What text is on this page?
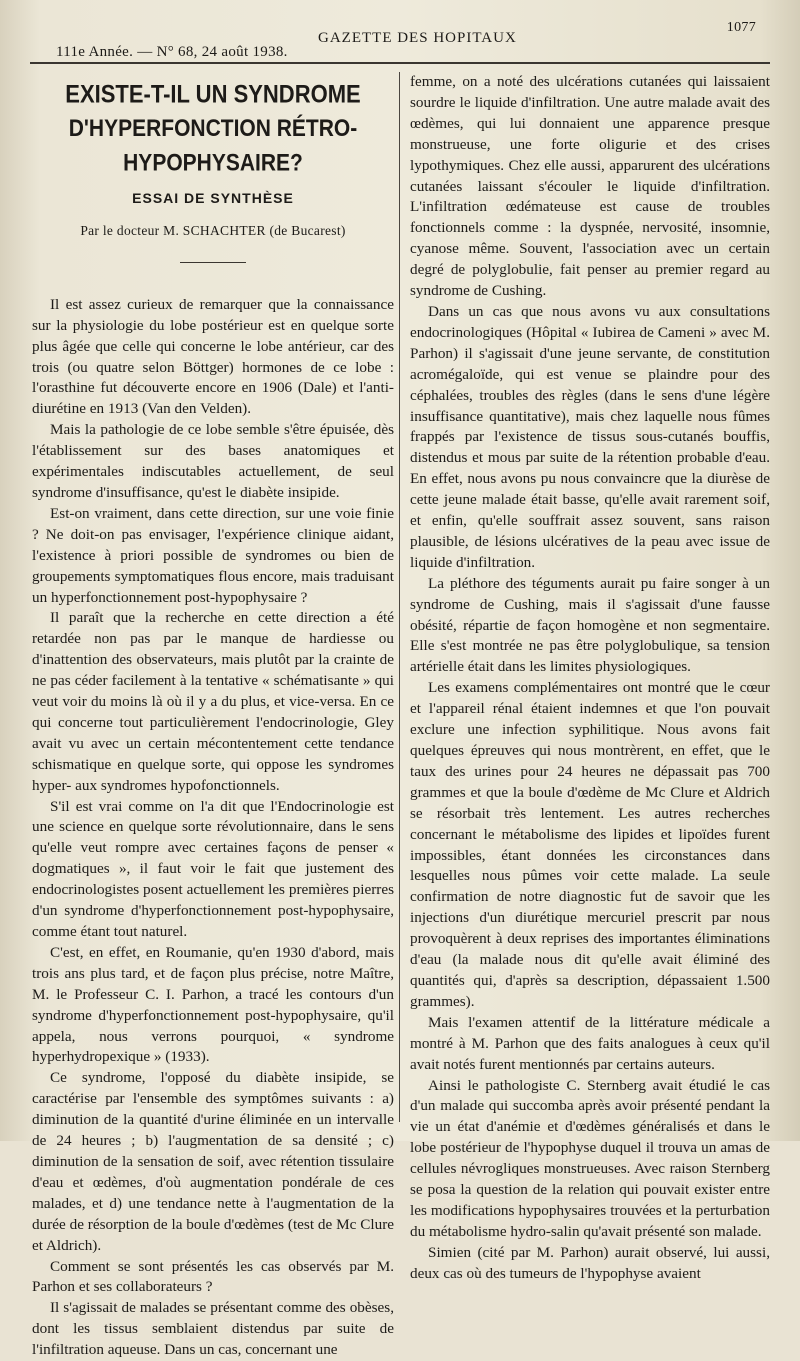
111e Année. — N° 68, 24 août 1938.
GAZETTE DES HOPITAUX
1077
EXISTE-T-IL UN SYNDROME
D'HYPERFONCTION RÉTRO-HYPOPHYSAIRE?
ESSAI DE SYNTHÈSE
Par le docteur M. SCHACHTER (de Bucarest)

Il est assez curieux de remarquer que la connaissance sur la physiologie du lobe postérieur est en quelque sorte plus âgée que celle qui concerne le lobe antérieur, car des trois (ou quatre selon Böttger) hormones de ce lobe : l'orasthine fut découverte encore en 1906 (Dale) et l'anti-diurétine en 1913 (Van den Velden).

Mais la pathologie de ce lobe semble s'être épuisée, dès l'établissement sur des bases anatomiques et expérimentales indiscutables actuellement, de seul syndrome d'insuffisance, qu'est le diabète insipide.

Est-on vraiment, dans cette direction, sur une voie finie ? Ne doit-on pas envisager, l'expérience clinique aidant, l'existence à priori possible de syndromes ou bien de groupements symptomatiques flous encore, mais traduisant un hyperfonctionnement post-hypophysaire ?

Il paraît que la recherche en cette direction a été retardée non pas par le manque de hardiesse ou d'inattention des observateurs, mais plutôt par la crainte de ne pas céder facilement à la tentative « schématisante » qui veut voir du moins là où il y a du plus, et vice-versa. En ce qui concerne tout particulièrement l'endocrinologie, Gley avait vu avec un certain mécontentement cette tendance schismatique en quelque sorte, qui oppose les syndromes hyper- aux syndromes hypofonctionnels.

S'il est vrai comme on l'a dit que l'Endocrinologie est une science en quelque sorte révolutionnaire, dans le sens qu'elle veut rompre avec certaines façons de penser « dogmatiques », il faut voir le fait que justement des endocrinologistes posent actuellement les premières pierres d'un syndrome d'hyperfonctionnement post-hypophysaire, comme étant tout naturel.

C'est, en effet, en Roumanie, qu'en 1930 d'abord, mais trois ans plus tard, et de façon plus précise, notre Maître, M. le Professeur C. I. Parhon, a tracé les contours d'un syndrome d'hyperfonctionnement post-hypophysaire, qu'il appela, nous verrons pourquoi, « syndrome hyperhydropexique » (1933).

Ce syndrome, l'opposé du diabète insipide, se caractérise par l'ensemble des symptômes suivants : a) diminution de la quantité d'urine éliminée en un intervalle de 24 heures ; b) l'augmentation de sa densité ; c) diminution de la sensation de soif, avec rétention tissulaire d'eau et œdèmes, d'où augmentation pondérale de ces malades, et d) une tendance nette à l'augmentation de la durée de résorption de la boule d'œdèmes (test de Mc Clure et Aldrich).

Comment se sont présentés les cas observés par M. Parhon et ses collaborateurs ?

Il s'agissait de malades se présentant comme des obèses, dont les tissus semblaient distendus par suite de l'infiltration aqueuse. Dans un cas, concernant une

femme, on a noté des ulcérations cutanées qui laissaient sourdre le liquide d'infiltration. Une autre malade avait des œdèmes, qui lui donnaient une apparence presque monstrueuse, une forte oligurie et des crises lypothymiques. Chez elle aussi, apparurent des ulcérations cutanées laissant s'écouler le liquide d'infiltration. L'infiltration œdémateuse est cause de troubles fonctionnels comme : la dyspnée, nervosité, insomnie, cyanose même. Souvent, l'association avec un certain degré de polyglobulie, fait penser au premier regard au syndrome de Cushing.

Dans un cas que nous avons vu aux consultations endocrinologiques (Hôpital « Iubirea de Cameni » avec M. Parhon) il s'agissait d'une jeune servante, de constitution acromégaloïde, qui est venue se plaindre pour des céphalées, troubles des règles (dans le sens d'une légère insuffisance quantitative), mais chez laquelle nous fûmes frappés par l'existence de tissus sous-cutanés bouffis, distendus et mous par suite de la rétention probable d'eau. En effet, nous avons pu nous convaincre que la diurèse de cette jeune malade était basse, qu'elle avait rarement soif, et enfin, qu'elle souffrait assez souvent, sans raison plausible, de lésions ulcératives de la peau avec issue de liquide d'infiltration.

La pléthore des téguments aurait pu faire songer à un syndrome de Cushing, mais il s'agissait d'une fausse obésité, répartie de façon homogène et non segmentaire. Elle s'est montrée ne pas être polyglobulique, sa tension artérielle était dans les limites physiologiques.

Les examens complémentaires ont montré que le cœur et l'appareil rénal étaient indemnes et que l'on pouvait exclure une infection syphilitique. Nous avons fait quelques épreuves qui nous montrèrent, en effet, que le taux des urines pour 24 heures ne dépassait pas 700 grammes et que la boule d'œdème de Mc Clure et Aldrich se résorbait très lentement. Les autres recherches concernant le métabolisme des lipides et lipoïdes furent impossibles, étant données les circonstances dans lesquelles nous pûmes voir cette malade. La seule confirmation de notre diagnostic fut de savoir que les injections d'un diurétique mercuriel prescrit par nous provoquèrent à deux reprises des importantes éliminations d'eau (la malade nous dit qu'elle avait éliminé des quantités qui, d'après sa description, dépassaient 1.500 grammes).

Mais l'examen attentif de la littérature médicale a montré à M. Parhon que des faits analogues à ceux qu'il avait notés furent mentionnés par certains auteurs.

Ainsi le pathologiste C. Sternberg avait étudié le cas d'un malade qui succomba après avoir présenté pendant la vie un état d'anémie et d'œdèmes généralisés et dans le lobe postérieur de l'hypophyse duquel il trouva un amas de cellules névrogliques monstrueuses. Avec raison Sternberg se posa la question de la relation qui pouvait exister entre les modifications hypophysaires trouvées et la perturbation du métabolisme hydro-salin qu'avait présenté son malade.

Simien (cité par M. Parhon) aurait observé, lui aussi, deux cas où des tumeurs de l'hypophyse avaient
